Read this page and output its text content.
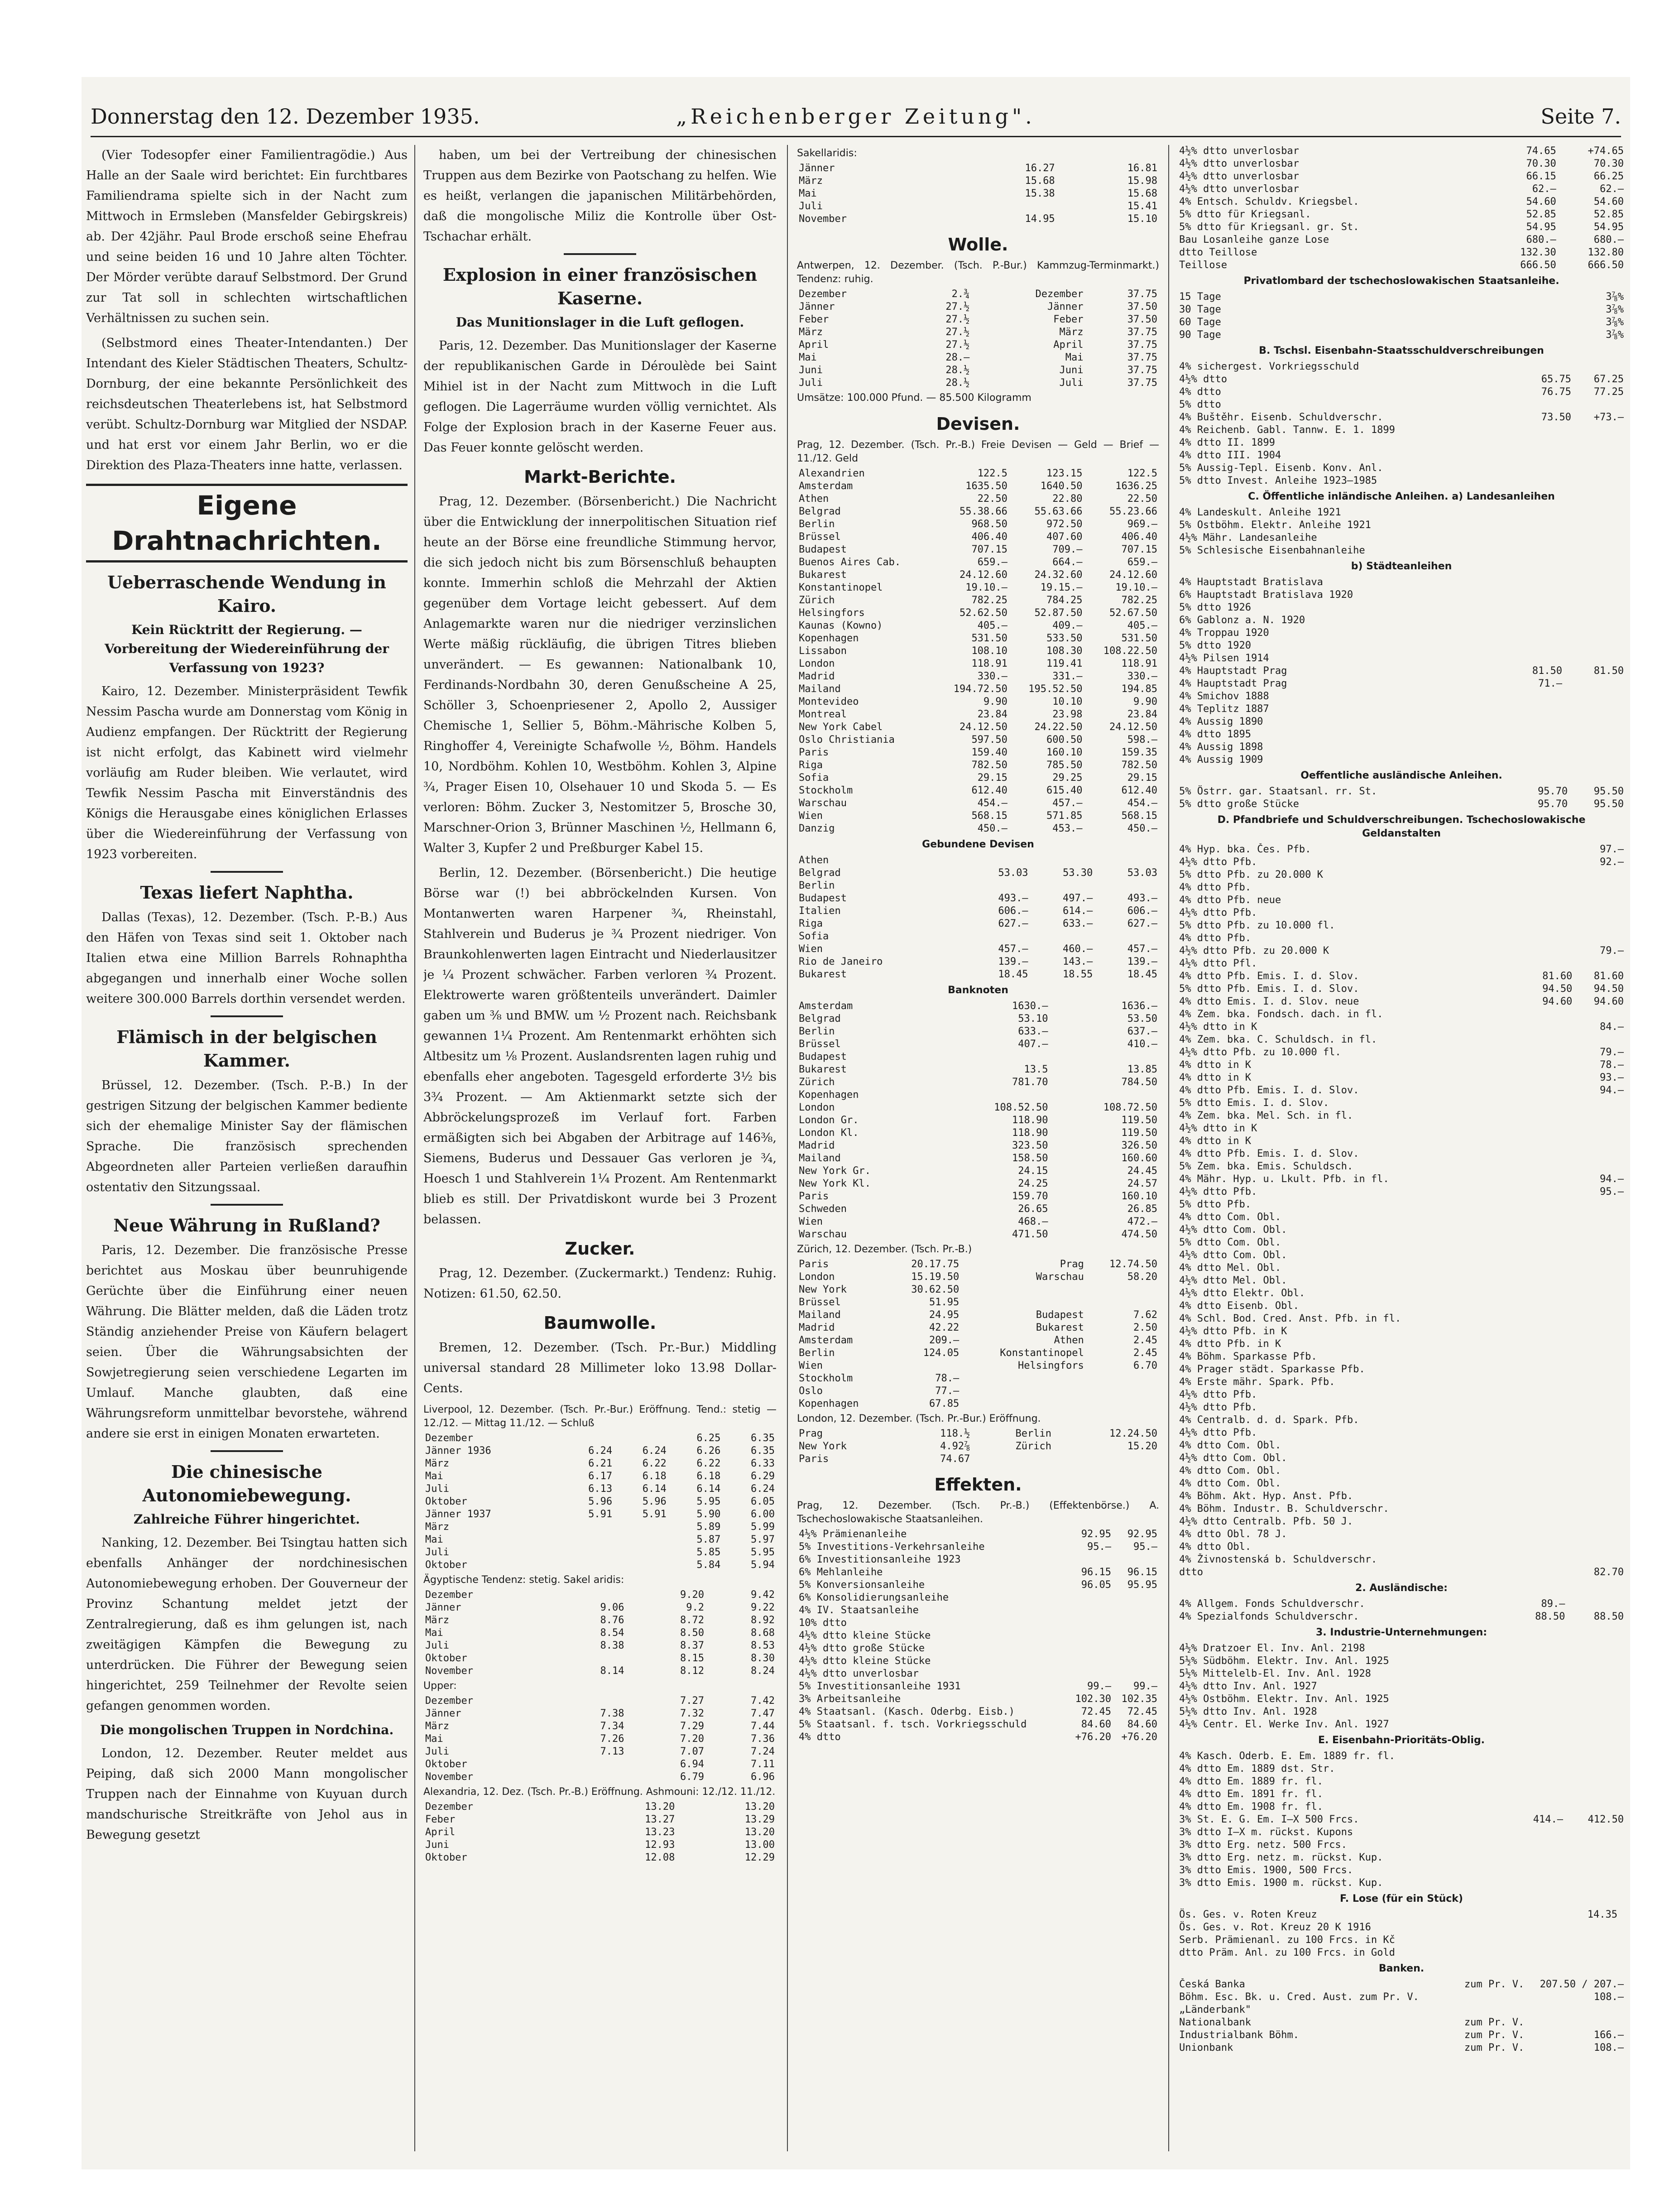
Donnerstag den 12. Dezember 1935.	„Reichenberger Zeitung".	Seite 7.

(Vier Todesopfer einer Familientragödie.) Aus Halle an der Saale wird berichtet: Ein furchtbares Familiendrama spielte sich in der Nacht zum Mittwoch in Ermsleben (Mansfelder Gebirgskreis) ab. Der 42jähr. Paul Brode erschoß seine Ehefrau und seine beiden 16 und 10 Jahre alten Töchter. Der Mörder verübte darauf Selbstmord. Der Grund zur Tat soll in schlechten wirtschaftlichen Verhältnissen zu suchen sein.

(Selbstmord eines Theater-Intendanten.) Der Intendant des Kieler Städtischen Theaters, Schultz-Dornburg, der eine bekannte Persönlichkeit des reichsdeutschen Theaterlebens ist, hat Selbstmord verübt. Schultz-Dornburg war Mitglied der NSDAP. und hat erst vor einem Jahr Berlin, wo er die Direktion des Plaza-Theaters inne hatte, verlassen.

Eigene Drahtnachrichten.
Ueberraschende Wendung in Kairo.
Kein Rücktritt der Regierung. — Vorbereitung der Wiedereinführung der Verfassung von 1923?

Kairo, 12. Dezember. Ministerpräsident Tewfik Nessim Pascha wurde am Donnerstag vom König in Audienz empfangen. Der Rücktritt der Regierung ist nicht erfolgt, das Kabinett wird vielmehr vorläufig am Ruder bleiben. Wie verlautet, wird Tewfik Nessim Pascha mit Einverständnis des Königs die Herausgabe eines königlichen Erlasses über die Wiedereinführung der Verfassung von 1923 vorbereiten.

Texas liefert Naphtha.

Dallas (Texas), 12. Dezember. (Tsch. P.-B.) Aus den Häfen von Texas sind seit 1. Oktober nach Italien etwa eine Million Barrels Rohnaphtha abgegangen und innerhalb einer Woche sollen weitere 300.000 Barrels dorthin versendet werden.

Flämisch in der belgischen Kammer.

Brüssel, 12. Dezember. (Tsch. P.-B.) In der gestrigen Sitzung der belgischen Kammer bediente sich der ehemalige Minister Say der flämischen Sprache. Die französisch sprechenden Abgeordneten aller Parteien verließen daraufhin ostentativ den Sitzungssaal.

Neue Währung in Rußland?

Paris, 12. Dezember. Die französische Presse berichtet aus Moskau über beunruhigende Gerüchte über die Einführung einer neuen Währung. Die Blätter melden, daß die Läden trotz Ständig anziehender Preise von Käufern belagert seien. Über die Währungsabsichten der Sowjetregierung seien verschiedene Legarten im Umlauf. Manche glaubten, daß eine Währungsreform unmittelbar bevorstehe, während andere sie erst in einigen Monaten erwarteten.

Die chinesische Autonomiebewegung.
Zahlreiche Führer hingerichtet.

Nanking, 12. Dezember. Bei Tsingtau hatten sich ebenfalls Anhänger der nordchinesischen Autonomiebewegung erhoben. Der Gouverneur der Provinz Schantung meldet jetzt der Zentralregierung, daß es ihm gelungen ist, nach zweitägigen Kämpfen die Bewegung zu unterdrücken. Die Führer der Bewegung seien hingerichtet, 259 Teilnehmer der Revolte seien gefangen genommen worden.

Die mongolischen Truppen in Nordchina.

London, 12. Dezember. Reuter meldet aus Peiping, daß sich 2000 Mann mongolischer Truppen nach der Einnahme von Kuyuan durch mandschurische Streitkräfte von Jehol aus in Bewegung gesetzt

haben, um bei der Vertreibung der chinesischen Truppen aus dem Bezirke von Paotschang zu helfen. Wie es heißt, verlangen die japanischen Militärbehörden, daß die mongolische Miliz die Kontrolle über Ost-Tschachar erhält.

Explosion in einer französischen Kaserne.
Das Munitionslager in die Luft geflogen.

Paris, 12. Dezember. Das Munitionslager der Kaserne der republikanischen Garde in Déroulède bei Saint Mihiel ist in der Nacht zum Mittwoch in die Luft geflogen. Die Lagerräume wurden völlig vernichtet. Als Folge der Explosion brach in der Kaserne Feuer aus. Das Feuer konnte gelöscht werden.

Markt-Berichte.

Prag, 12. Dezember. (Börsenbericht.) Die Nachricht über die Entwicklung der innerpolitischen Situation rief heute an der Börse eine freundliche Stimmung hervor, die sich jedoch nicht bis zum Börsenschluß behaupten konnte. Immerhin schloß die Mehrzahl der Aktien gegenüber dem Vortage leicht gebessert. Auf dem Anlagemarkte waren nur die niedriger verzinslichen Werte mäßig rückläufig, die übrigen Titres blieben unverändert. — Es gewannen: Nationalbank 10, Ferdinands-Nordbahn 30, deren Genußscheine A 25, Schöller 3, Schoenpriesener 2, Apollo 2, Aussiger Chemische 1, Sellier 5, Böhm.-Mährische Kolben 5, Ringhoffer 4, Vereinigte Schafwolle ½, Böhm. Handels 10, Nordböhm. Kohlen 10, Westböhm. Kohlen 3, Alpine ¾, Prager Eisen 10, Olsehauer 10 und Skoda 5. — Es verloren: Böhm. Zucker 3, Nestomitzer 5, Brosche 30, Marschner-Orion 3, Brünner Maschinen ½, Hellmann 6, Walter 3, Kupfer 2 und Preßburger Kabel 15.

Berlin, 12. Dezember. (Börsenbericht.) Die heutige Börse war (!) bei abbröckelnden Kursen. Von Montanwerten waren Harpener ¾, Rheinstahl, Stahlverein und Buderus je ¾ Prozent niedriger. Von Braunkohlenwerten lagen Eintracht und Niederlausitzer je ¼ Prozent schwächer. Farben verloren ¾ Prozent. Elektrowerte waren größtenteils unverändert. Daimler gaben um ⅜ und BMW. um ½ Prozent nach. Reichsbank gewannen 1¼ Prozent. Am Rentenmarkt erhöhten sich Altbesitz um ⅛ Prozent. Auslandsrenten lagen ruhig und ebenfalls eher angeboten. Tagesgeld erforderte 3½ bis 3¾ Prozent. — Am Aktienmarkt setzte sich der Abbröckelungsprozeß im Verlauf fort. Farben ermäßigten sich bei Abgaben der Arbitrage auf 146⅜, Siemens, Buderus und Dessauer Gas verloren je ¾, Hoesch 1 und Stahlverein 1¼ Prozent. Am Rentenmarkt blieb es still. Der Privatdiskont wurde bei 3 Prozent belassen.

Zucker.

Prag, 12. Dezember. (Zuckermarkt.) Tendenz: Ruhig. Notizen: 61.50, 62.50.

Baumwolle.

Bremen, 12. Dezember. (Tsch. Pr.-Bur.) Middling universal standard 28 Millimeter loko 13.98 Dollar-Cents.

Liverpool, 12. Dezember. (Tsch. Pr.-Bur.) Eröffnung. Tend.: stetig — 12./12. — Mittag 11./12. — Schluß
Dezember			6.25	6.35
Jänner 1936	6.24	6.24	6.26	6.35
März	6.21	6.22	6.22	6.33
Mai	6.17	6.18	6.18	6.29
Juli	6.13	6.14	6.14	6.24
Oktober	5.96	5.96	5.95	6.05
Jänner 1937	5.91	5.91	5.90	6.00
März			5.89	5.99
Mai			5.87	5.97
Juli			5.85	5.95
Oktober			5.84	5.94
Ägyptische Tendenz: stetig. Sakel aridis:
Dezember			9.20	9.42
Jänner	9.06		9.2	9.22
März	8.76		8.72	8.92
Mai	8.54		8.50	8.68
Juli	8.38		8.37	8.53
Oktober			8.15	8.30
November	8.14		8.12	8.24
Upper:
Dezember			7.27	7.42
Jänner	7.38		7.32	7.47
März	7.34		7.29	7.44
Mai	7.26		7.20	7.36
Juli	7.13		7.07	7.24
Oktober			6.94	7.11
November			6.79	6.96
Alexandria, 12. Dez. (Tsch. Pr.-B.) Eröffnung. Ashmouni: 12./12. 11./12.
Dezember	13.20	13.20
Feber	13.27	13.29
April	13.23	13.20
Juni	12.93	13.00
Oktober	12.08	12.29
Sakellaridis:
Jänner	16.27	16.81
März	15.68	15.98
Mai	15.38	15.68
Juli		15.41
November	14.95	15.10
Wolle.
Antwerpen, 12. Dezember. (Tsch. P.-Bur.) Kammzug-Terminmarkt.) Tendenz: ruhig.
Dezember	2.¾	Dezember	37.75
Jänner	27.½	Jänner	37.50
Feber	27.½	Feber	37.50
März	27.½	März	37.75
April	27.½	April	37.75
Mai	28.—	Mai	37.75
Juni	28.½	Juni	37.75
Juli	28.½	Juli	37.75
Umsätze: 100.000 Pfund. — 85.500 Kilogramm
Devisen.
Prag, 12. Dezember. (Tsch. Pr.-B.) Freie Devisen — Geld — Brief — 11./12. Geld
Alexandrien	122.5	123.15	122.5
Amsterdam	1635.50	1640.50	1636.25
Athen	22.50	22.80	22.50
Belgrad	55.38.66	55.63.66	55.23.66
Berlin	968.50	972.50	969.—
Brüssel	406.40	407.60	406.40
Budapest	707.15	709.—	707.15
Buenos Aires Cab.	659.—	664.—	659.—
Bukarest	24.12.60	24.32.60	24.12.60
Konstantinopel	19.10.—	19.15.—	19.10.—
Zürich	782.25	784.25	782.25
Helsingfors	52.62.50	52.87.50	52.67.50
Kaunas (Kowno)	405.—	409.—	405.—
Kopenhagen	531.50	533.50	531.50
Lissabon	108.10	108.30	108.22.50
London	118.91	119.41	118.91
Madrid	330.—	331.—	330.—
Mailand	194.72.50	195.52.50	194.85
Montevideo	9.90	10.10	9.90
Montreal	23.84	23.98	23.84
New York Cabel	24.12.50	24.22.50	24.12.50
Oslo Christiania	597.50	600.50	598.—
Paris	159.40	160.10	159.35
Riga	782.50	785.50	782.50
Sofia	29.15	29.25	29.15
Stockholm	612.40	615.40	612.40
Warschau	454.—	457.—	454.—
Wien	568.15	571.85	568.15
Danzig	450.—	453.—	450.—
Gebundene Devisen
Athen			
Belgrad	53.03	53.30	53.03
Berlin			
Budapest	493.—	497.—	493.—
Italien	606.—	614.—	606.—
Riga	627.—	633.—	627.—
Sofia			
Wien	457.—	460.—	457.—
Rio de Janeiro	139.—	143.—	139.—
Bukarest	18.45	18.55	18.45
Banknoten
Amsterdam	1630.—	1636.—
Belgrad	53.10	53.50
Berlin	633.—	637.—
Brüssel	407.—	410.—
Budapest		
Bukarest	13.5	13.85
Zürich	781.70	784.50
Kopenhagen		
London	108.52.50	108.72.50
London Gr.	118.90	119.50
London Kl.	118.90	119.50
Madrid	323.50	326.50
Mailand	158.50	160.60
New York Gr.	24.15	24.45
New York Kl.	24.25	24.57
Paris	159.70	160.10
Schweden	26.65	26.85
Wien	468.—	472.—
Warschau	471.50	474.50
Zürich, 12. Dezember. (Tsch. Pr.-B.)
Paris	20.17.75	Prag	12.74.50
London	15.19.50	Warschau	58.20
New York	30.62.50		
Brüssel	51.95		
Mailand	24.95	Budapest	7.62
Madrid	42.22	Bukarest	2.50
Amsterdam	209.—	Athen	2.45
Berlin	124.05	Konstantinopel	2.45
Wien		Helsingfors	6.70
Stockholm	78.—		
Oslo	77.—		
Kopenhagen	67.85		
London, 12. Dezember. (Tsch. Pr.-Bur.) Eröffnung.
Prag	118.½	Berlin	12.24.50
New York	4.92⅞	Zürich	15.20
Paris	74.67		
Effekten.
Prag, 12. Dezember. (Tsch. Pr.-B.) (Effektenbörse.) A. Tschechoslowakische Staatsanleihen.
4½% Prämienanleihe	92.95	92.95
5% Investitions-Verkehrsanleihe	95.—	95.—
6% Investitionsanleihe 1923		
6% Mehlanleihe	96.15	96.15
5% Konversionsanleihe	96.05	95.95
6% Konsolidierungsanleihe		
4% IV. Staatsanleihe		
10% dtto		
4½% dtto kleine Stücke		
4½% dtto große Stücke		
4½% dtto kleine Stücke		
4½% dtto unverlosbar		
5% Investitionsanleihe 1931	99.—	99.—
3% Arbeitsanleihe	102.30	102.35
4% Staatsanl. (Kasch. Oderbg. Eisb.)	72.45	72.45
5% Staatsanl. f. tsch. Vorkriegsschuld	84.60	84.60
4% dtto	+76.20	+76.20
4½% dtto unverlosbar	74.65	+74.65
4½% dtto unverlosbar	70.30	70.30
4½% dtto unverlosbar	66.15	66.25
4½% dtto unverlosbar	62.—	62.—
4% Entsch. Schuldv. Kriegsbel.	54.60	54.60
5% dtto für Kriegsanl.	52.85	52.85
5% dtto für Kriegsanl. gr. St.	54.95	54.95
Bau Losanleihe ganze Lose	680.—	680.—
dtto Teillose	132.30	132.80
Teillose	666.50	666.50
Privatlombard der tschechoslowakischen Staatsanleihe.
15 Tage		3⅞%
30 Tage		3⅞%
60 Tage		3⅞%
90 Tage		3⅞%
B. Tschsl. Eisenbahn-Staatsschuldverschreibungen
4% sichergest. Vorkriegsschuld		
4½% dtto	65.75	67.25
4% dtto	76.75	77.25
5% dtto		
4% Buštěhr. Eisenb. Schuldverschr.	73.50	+73.—
4% Reichenb. Gabl. Tannw. E. 1. 1899		
4% dtto II. 1899		
4% dtto III. 1904		
5% Aussig-Tepl. Eisenb. Konv. Anl.		
5% dtto Invest. Anleihe 1923—1985		
C. Öffentliche inländische Anleihen. a) Landesanleihen
4% Landeskult. Anleihe 1921		
5% Ostböhm. Elektr. Anleihe 1921		
4½% Mähr. Landesanleihe		
5% Schlesische Eisenbahnanleihe		
b) Städteanleihen
4% Hauptstadt Bratislava		
6% Hauptstadt Bratislava 1920		
5% dtto 1926		
6% Gablonz a. N. 1920		
4% Troppau 1920		
5% dtto 1920		
4½% Pilsen 1914		
4% Hauptstadt Prag	81.50	81.50
4% Hauptstadt Prag	71.—	
4% Smichov 1888		
4% Teplitz 1887		
4% Aussig 1890		
4% dtto 1895		
4% Aussig 1898		
4% Aussig 1909		
Oeffentliche ausländische Anleihen.
5% Östrr. gar. Staatsanl. rr. St.	95.70	95.50
5% dtto große Stücke	95.70	95.50
D. Pfandbriefe und Schuldverschreibungen. Tschechoslowakische Geldanstalten
4% Hyp. bka. Čes. Pfb.		97.—
4½% dtto Pfb.		92.—
5% dtto Pfb. zu 20.000 K		
4% dtto Pfb.		
4% dtto Pfb. neue		
4½% dtto Pfb.		
5% dtto Pfb. zu 10.000 fl.		
4% dtto Pfb.		
4½% dtto Pfb. zu 20.000 K		79.—
4½% dtto Pfl.		
4% dtto Pfb. Emis. I. d. Slov.	81.60	81.60
5% dtto Pfb. Emis. I. d. Slov.	94.50	94.50
4% dtto Emis. I. d. Slov. neue	94.60	94.60
4% Zem. bka. Fondsch. dach. in fl.		
4½% dtto in K		84.—
4% Zem. bka. C. Schuldsch. in fl.		
4½% dtto Pfb. zu 10.000 fl.		79.—
4% dtto in K		78.—
4% dtto in K		93.—
4% dtto Pfb. Emis. I. d. Slov.		94.—
5% dtto Emis. I. d. Slov.		
4% Zem. bka. Mel. Sch. in fl.		
4½% dtto in K		
4% dtto in K		
4% dtto Pfb. Emis. I. d. Slov.		
5% Zem. bka. Emis. Schuldsch.		
4% Mähr. Hyp. u. Lkult. Pfb. in fl.		94.—
4½% dtto Pfb.		95.—
5% dtto Pfb.		
4% dtto Com. Obl.		
4½% dtto Com. Obl.		
5% dtto Com. Obl.		
4½% dtto Com. Obl.		
4% dtto Mel. Obl.		
4½% dtto Mel. Obl.		
4½% dtto Elektr. Obl.		
4% dtto Eisenb. Obl.		
4% Schl. Bod. Cred. Anst. Pfb. in fl.		
4½% dtto Pfb. in K		
4% dtto Pfb. in K		
4% Böhm. Sparkasse Pfb.		
4% Prager städt. Sparkasse Pfb.		
4% Erste mähr. Spark. Pfb.		
4½% dtto Pfb.		
4½% dtto Pfb.		
4% Centralb. d. d. Spark. Pfb.		
4½% dtto Pfb.		
4% dtto Com. Obl.		
4½% dtto Com. Obl.		
4% dtto Com. Obl.		
4% dtto Com. Obl.		
4% Böhm. Akt. Hyp. Anst. Pfb.		
4% Böhm. Industr. B. Schuldverschr.		
4½% dtto Centralb. Pfb. 50 J.		
4% dtto Obl. 78 J.		
4% dtto Obl.		
4% Živnostenská b. Schuldverschr.		
dtto		82.70
2. Ausländische:
4% Allgem. Fonds Schuldverschr.	89.—	
4% Spezialfonds Schuldverschr.	88.50	88.50
3. Industrie-Unternehmungen:
4½% Dratzoer El. Inv. Anl. 2198		
5½% Südböhm. Elektr. Inv. Anl. 1925		
5½% Mittelelb-El. Inv. Anl. 1928		
4½% dtto Inv. Anl. 1927		
4½% Ostböhm. Elektr. Inv. Anl. 1925		
5½% dtto Inv. Anl. 1928		
4½% Centr. El. Werke Inv. Anl. 1927		
E. Eisenbahn-Prioritäts-Oblig.
4% Kasch. Oderb. E. Em. 1889 fr. fl.		
4% dtto Em. 1889 dst. Str.		
4% dtto Em. 1889 fr. fl.		
4% dtto Em. 1891 fr. fl.		
4% dtto Em. 1908 fr. fl.		
3% St. E. G. Em. I—X 500 Frcs.	414.—	412.50
3% dtto I—X m. rückst. Kupons		
3% dtto Erg. netz. 500 Frcs.		
3% dtto Erg. netz. m. rückst. Kup.		
3% dtto Emis. 1900, 500 Frcs.		
3% dtto Emis. 1900 m. rückst. Kup.		
F. Lose (für ein Stück)
Ös. Ges. v. Roten Kreuz	14.35	
Ös. Ges. v. Rot. Kreuz 20 K 1916		
Serb. Prämienanl. zu 100 Frcs. in Kč		
dtto Präm. Anl. zu 100 Frcs. in Gold		
Banken.
Česká Banka	zum Pr. V.	207.50 / 207.—
Böhm. Esc. Bk. u. Cred. Aust. zum Pr. V.		108.—
„Länderbank"		
Nationalbank	zum Pr. V.	
Industrialbank Böhm.	zum Pr. V.	166.—
Unionbank	zum Pr. V.	108.—
